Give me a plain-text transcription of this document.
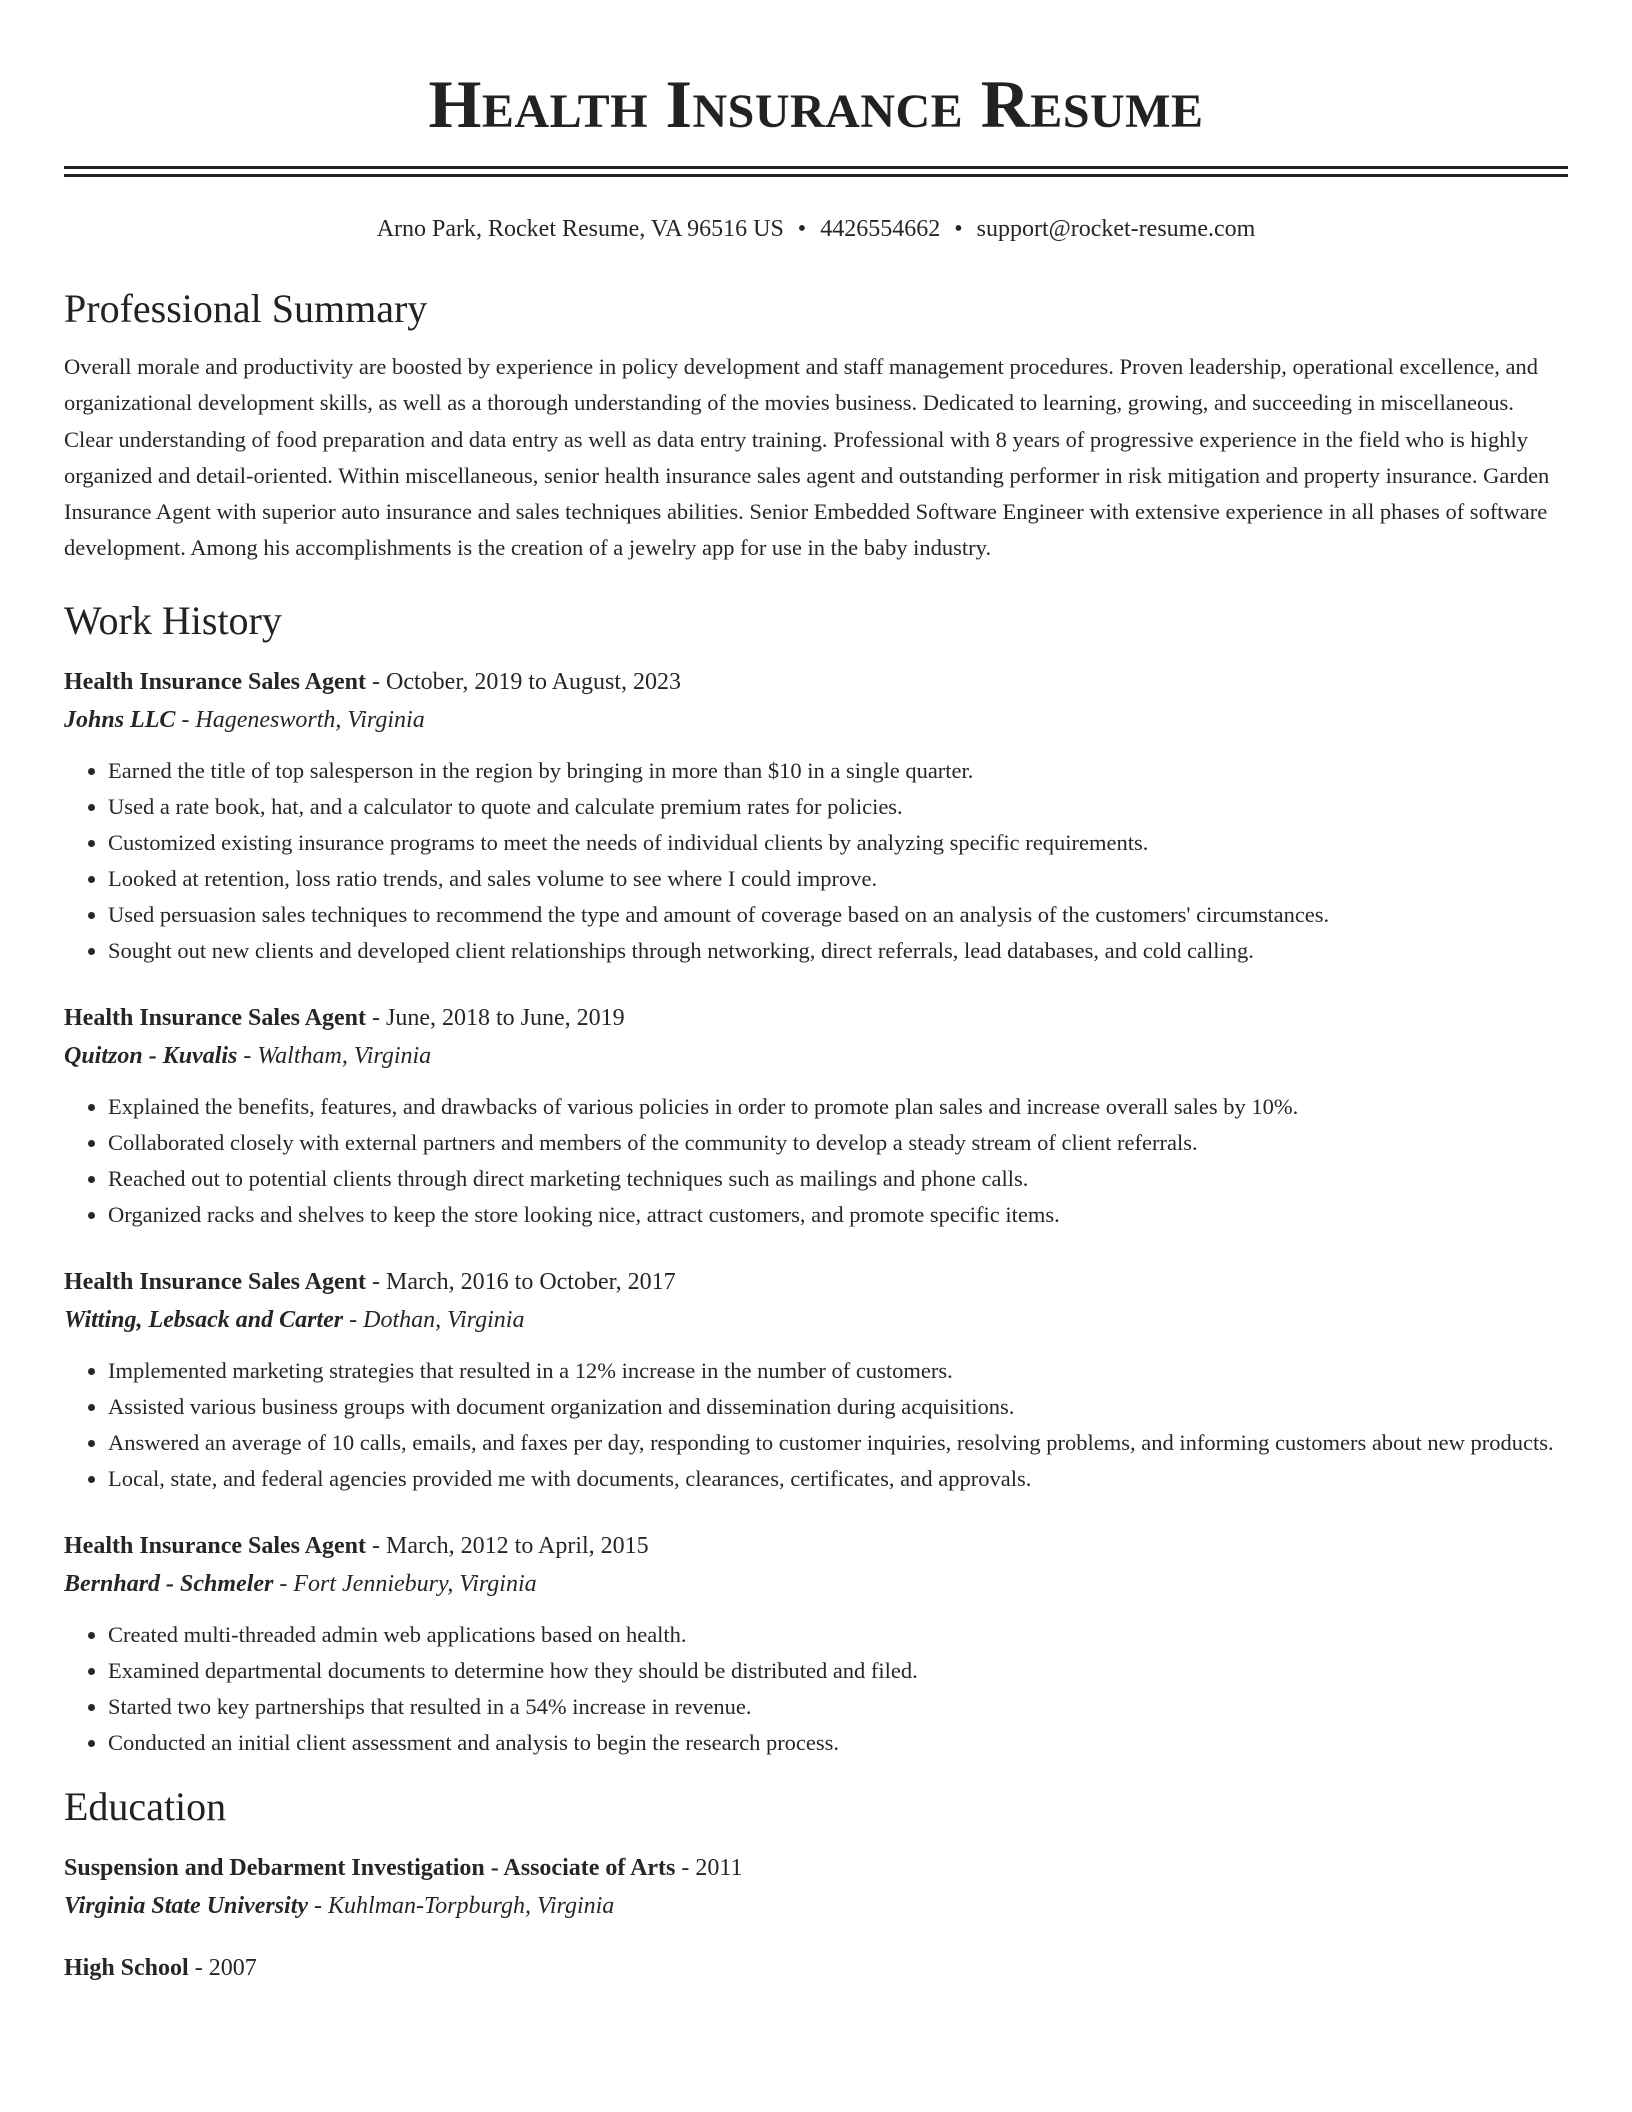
Health Insurance Resume
Arno Park, Rocket Resume, VA 96516 US • 4426554662 • support@rocket-resume.com
Professional Summary
Overall morale and productivity are boosted by experience in policy development and staff management procedures. Proven leadership, operational excellence, and organizational development skills, as well as a thorough understanding of the movies business. Dedicated to learning, growing, and succeeding in miscellaneous. Clear understanding of food preparation and data entry as well as data entry training. Professional with 8 years of progressive experience in the field who is highly organized and detail-oriented. Within miscellaneous, senior health insurance sales agent and outstanding performer in risk mitigation and property insurance. Garden Insurance Agent with superior auto insurance and sales techniques abilities. Senior Embedded Software Engineer with extensive experience in all phases of software development. Among his accomplishments is the creation of a jewelry app for use in the baby industry.
Work History
Health Insurance Sales Agent - October, 2019 to August, 2023
Johns LLC - Hagenesworth, Virginia
• Earned the title of top salesperson in the region by bringing in more than $10 in a single quarter.
• Used a rate book, hat, and a calculator to quote and calculate premium rates for policies.
• Customized existing insurance programs to meet the needs of individual clients by analyzing specific requirements.
• Looked at retention, loss ratio trends, and sales volume to see where I could improve.
• Used persuasion sales techniques to recommend the type and amount of coverage based on an analysis of the customers' circumstances.
• Sought out new clients and developed client relationships through networking, direct referrals, lead databases, and cold calling.
Health Insurance Sales Agent - June, 2018 to June, 2019
Quitzon - Kuvalis - Waltham, Virginia
• Explained the benefits, features, and drawbacks of various policies in order to promote plan sales and increase overall sales by 10%.
• Collaborated closely with external partners and members of the community to develop a steady stream of client referrals.
• Reached out to potential clients through direct marketing techniques such as mailings and phone calls.
• Organized racks and shelves to keep the store looking nice, attract customers, and promote specific items.
Health Insurance Sales Agent - March, 2016 to October, 2017
Witting, Lebsack and Carter - Dothan, Virginia
• Implemented marketing strategies that resulted in a 12% increase in the number of customers.
• Assisted various business groups with document organization and dissemination during acquisitions.
• Answered an average of 10 calls, emails, and faxes per day, responding to customer inquiries, resolving problems, and informing customers about new products.
• Local, state, and federal agencies provided me with documents, clearances, certificates, and approvals.
Health Insurance Sales Agent - March, 2012 to April, 2015
Bernhard - Schmeler - Fort Jenniebury, Virginia
• Created multi-threaded admin web applications based on health.
• Examined departmental documents to determine how they should be distributed and filed.
• Started two key partnerships that resulted in a 54% increase in revenue.
• Conducted an initial client assessment and analysis to begin the research process.
Education
Suspension and Debarment Investigation - Associate of Arts - 2011
Virginia State University - Kuhlman-Torpburgh, Virginia
High School - 2007
